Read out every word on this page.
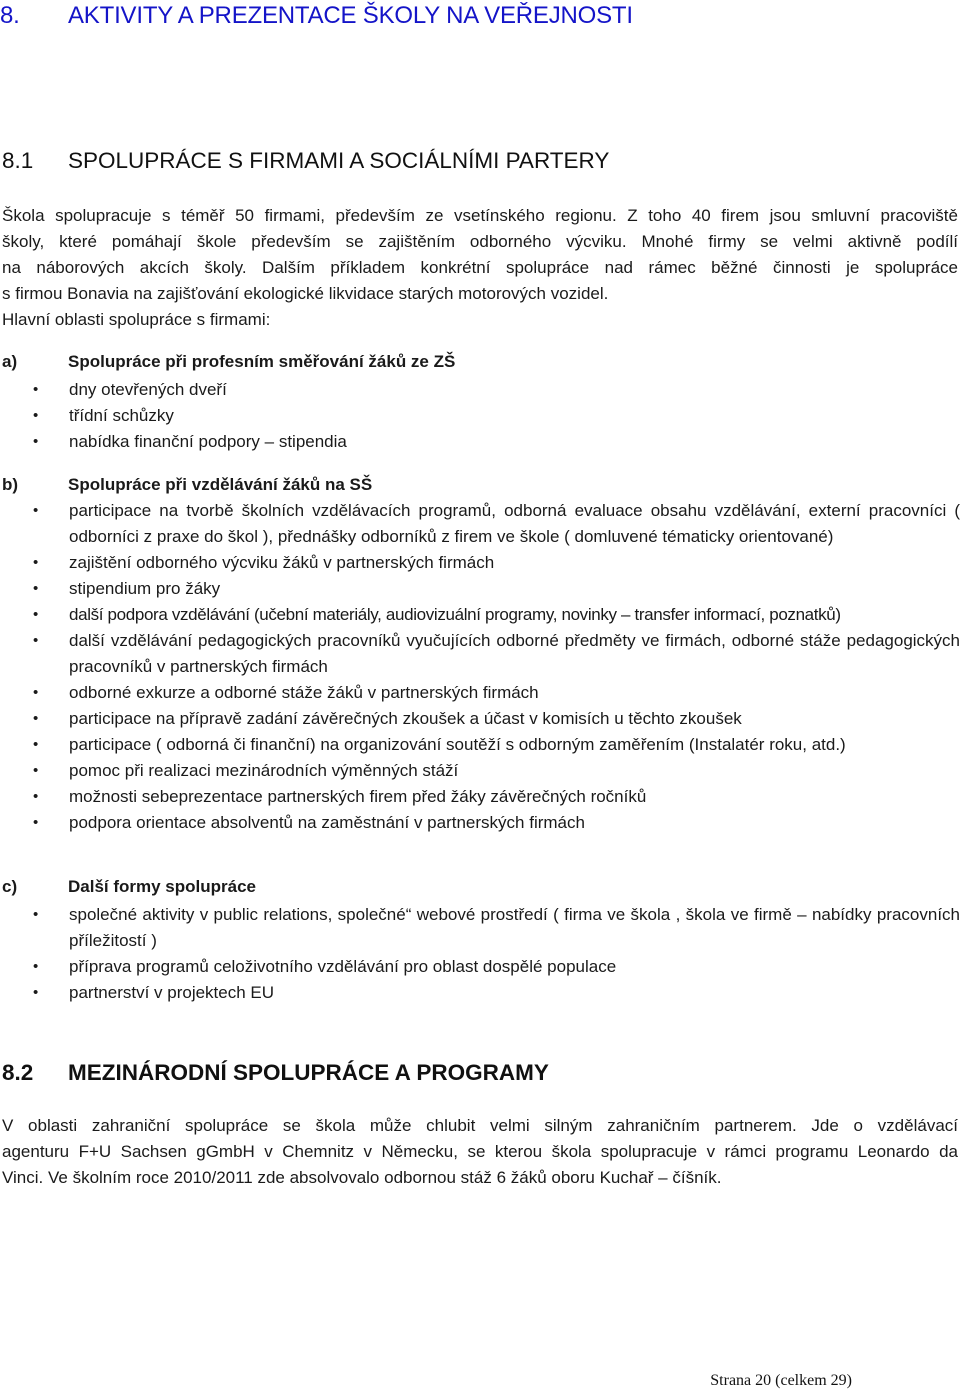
8. AKTIVITY A PREZENTACE ŠKOLY NA VEŘEJNOSTI
8.1 SPOLUPRÁCE S FIRMAMI A SOCIÁLNÍMI PARTERY
Škola spolupracuje s téměř 50 firmami, především ze vsetínského regionu. Z toho 40 firem jsou smluvní pracoviště
školy, které pomáhají škole především se zajištěním odborného výcviku. Mnohé firmy se velmi aktivně podílí
na náborových akcích školy. Dalším příkladem konkrétní spolupráce nad rámec běžné činnosti je spolupráce
s firmou Bonavia na zajišťování ekologické likvidace starých motorových vozidel.
Hlavní oblasti spolupráce s firmami:
a)	Spolupráce při profesním směřování žáků ze ZŠ
• dny otevřených dveří
• třídní schůzky
• nabídka finanční podpory – stipendia
b)	Spolupráce při vzdělávání žáků na SŠ
• participace na tvorbě školních vzdělávacích programů, odborná evaluace obsahu vzdělávání, externí pracovníci ( odborníci z praxe do škol ), přednášky odborníků z firem ve škole ( domluvené tématicky orientované)
• zajištění odborného výcviku žáků v partnerských firmách
• stipendium pro žáky
• další podpora vzdělávání (učební materiály, audiovizuální programy, novinky – transfer informací, poznatků)
• další vzdělávání pedagogických pracovníků vyučujících odborné předměty ve firmách, odborné stáže pedagogických pracovníků v partnerských firmách
• odborné exkurze a odborné stáže žáků v partnerských firmách
• participace na přípravě zadání závěrečných zkoušek a účast v komisích u těchto zkoušek
• participace ( odborná či finanční) na organizování soutěží s odborným zaměřením (Instalatér roku, atd.)
• pomoc při realizaci mezinárodních výměnných stáží
• možnosti sebeprezentace partnerských firem před žáky závěrečných ročníků
• podpora orientace absolventů na zaměstnání v partnerských firmách
c)	Další formy spolupráce
• společné aktivity v public relations, společné“ webové prostředí ( firma ve škola , škola ve firmě – nabídky pracovních příležitostí )
• příprava programů celoživotního vzdělávání pro oblast dospělé populace
• partnerství v projektech EU
8.2 MEZINÁRODNÍ SPOLUPRÁCE A PROGRAMY
V oblasti zahraniční spolupráce se škola může chlubit velmi silným zahraničním partnerem. Jde o vzdělávací
agenturu F+U Sachsen gGmbH v Chemnitz v Německu, se kterou škola spolupracuje v rámci programu Leonardo da
Vinci. Ve školním roce 2010/2011 zde absolvovalo odbornou stáž 6 žáků oboru Kuchař – číšník.
Strana 20 (celkem 29)
